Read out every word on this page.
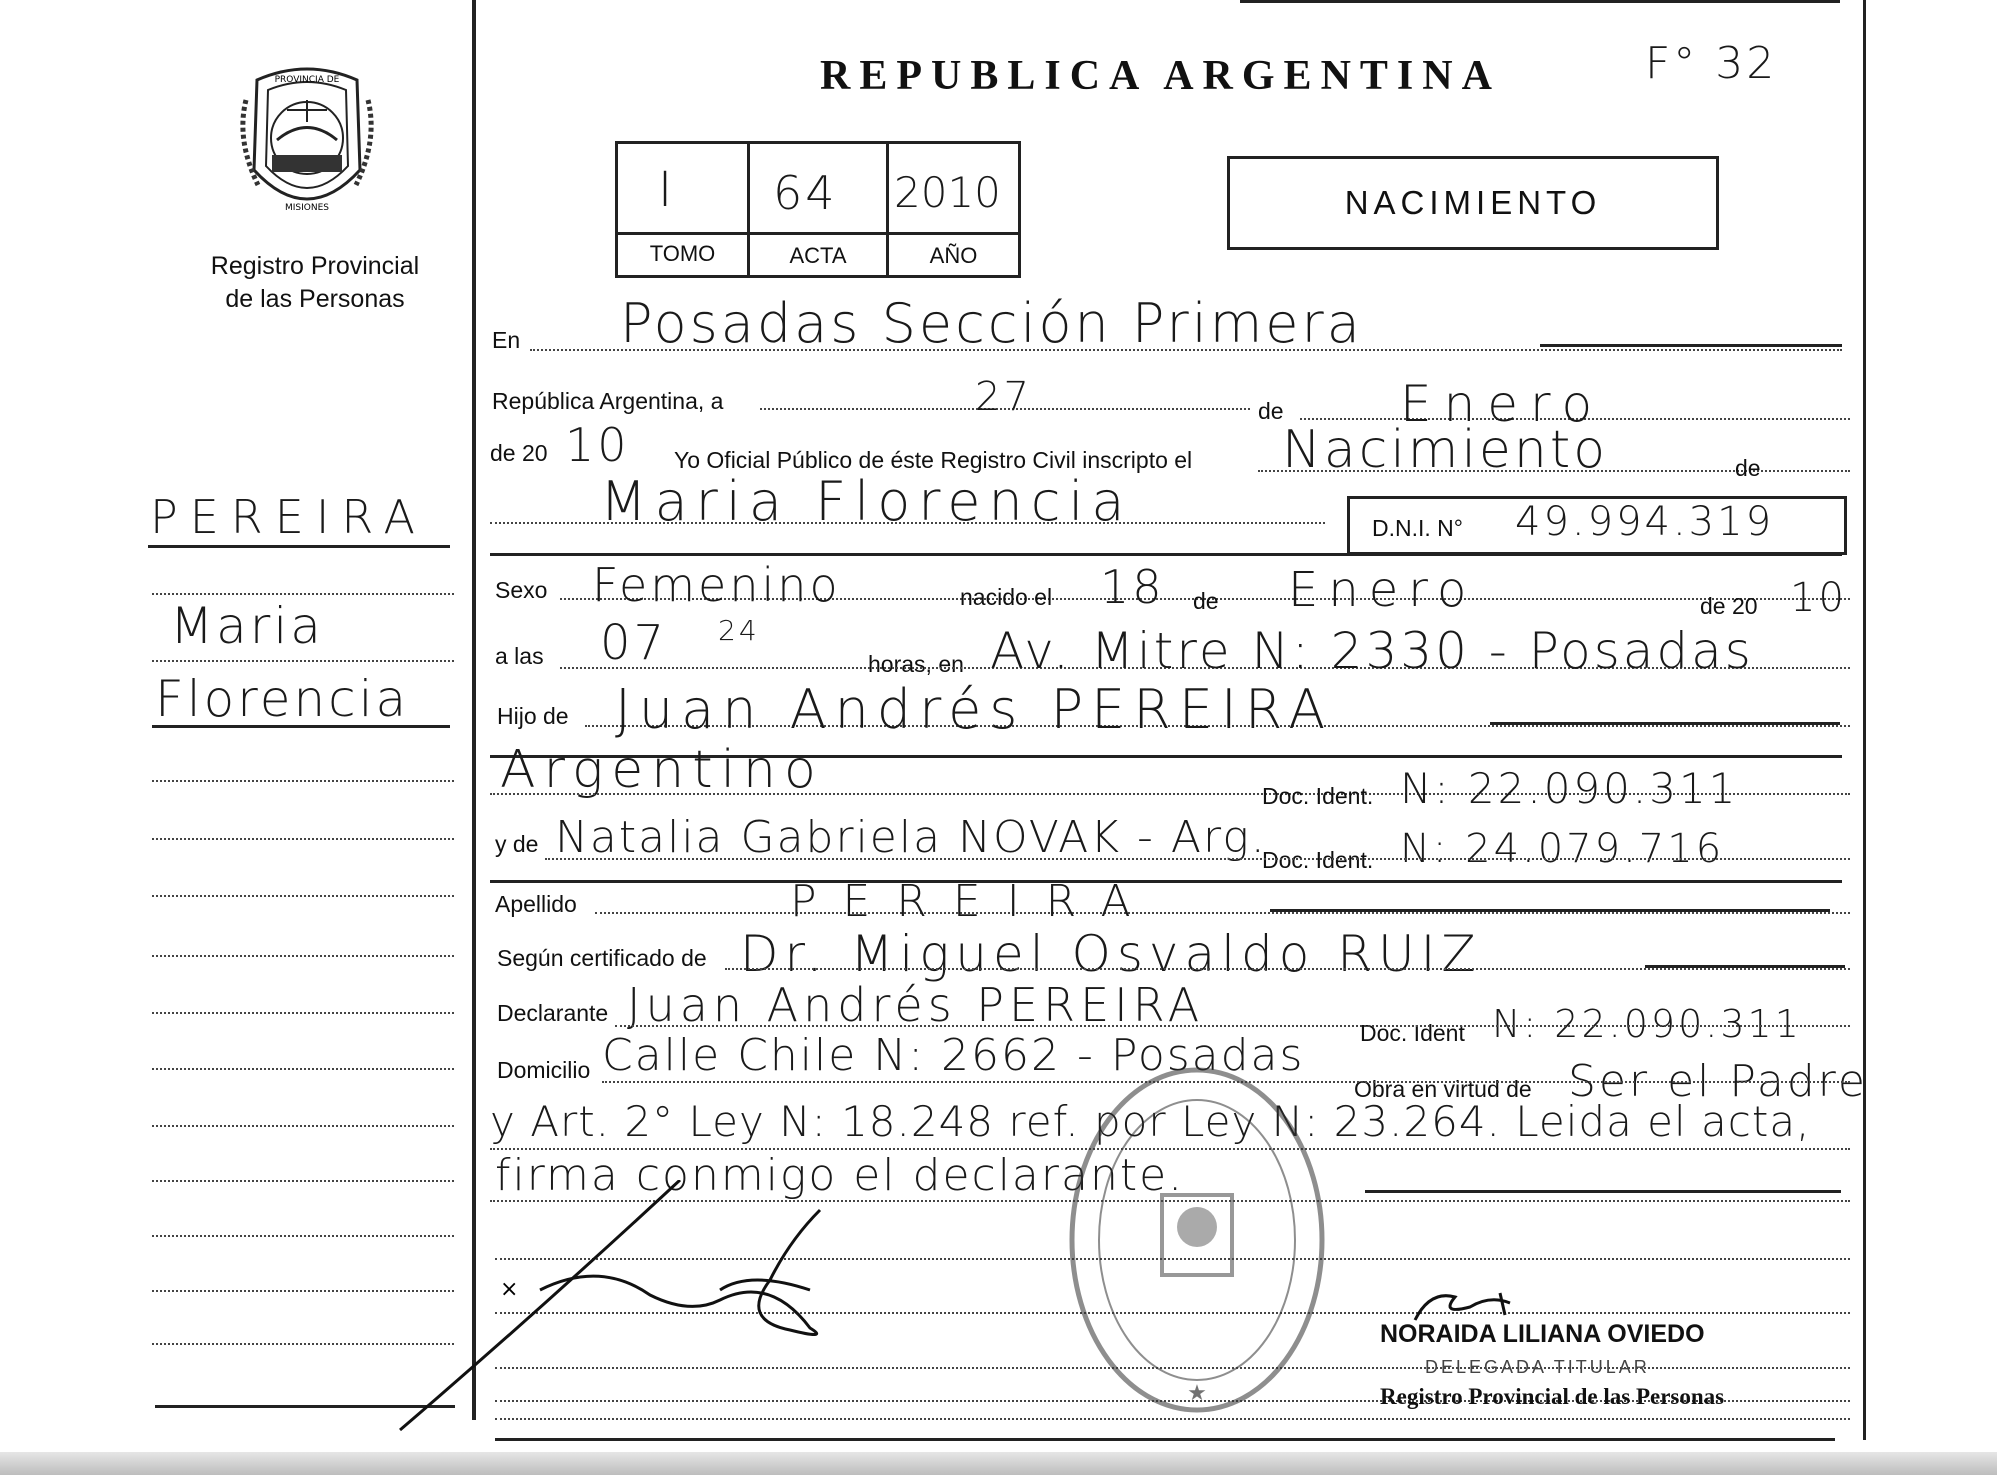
PROVINCIA DE
MISIONES
Registro Provincial
de las Personas
REPUBLICA ARGENTINA	F° 32
I 64 2010
TOMO	ACTA	AÑO
NACIMIENTO
PEREIRA
Maria
Florencia
En Posadas Sección Primera
República Argentina, a	27	de Enero
de 20 10 Yo Oficial Público de éste Registro Civil inscripto el Nacimiento	de
Maria Florencia	D.N.I. N° 49.994.319
Sexo Femenino	nacido el 18 de Enero	de 20 10
a las 07 24
horas, en Av. Mitre N: 2330 - Posadas
Hijo de Juan Andrés PEREIRA
Argentino	Doc. Ident. N: 22.090.311
y de Natalia Gabriela NOVAK - Arg.
Doc. Ident. N: 24.079.716
Apellido	PEREIRA
Según certificado de Dr. Miguel Osvaldo RUIZ
Declarante Juan Andrés PEREIRA
Doc. Ident N: 22.090.311
Domicilio Calle Chile N: 2662 - Posadas
Obra en virtud de Ser el Padre
y Art. 2° Ley N: 18.248 ref. por Ley N: 23.264. Leida el acta,
firma conmigo el declarante.
★
×
NORAIDA LILIANA OVIEDO
DELEGADA TITULAR
Registro Provincial de las Personas
